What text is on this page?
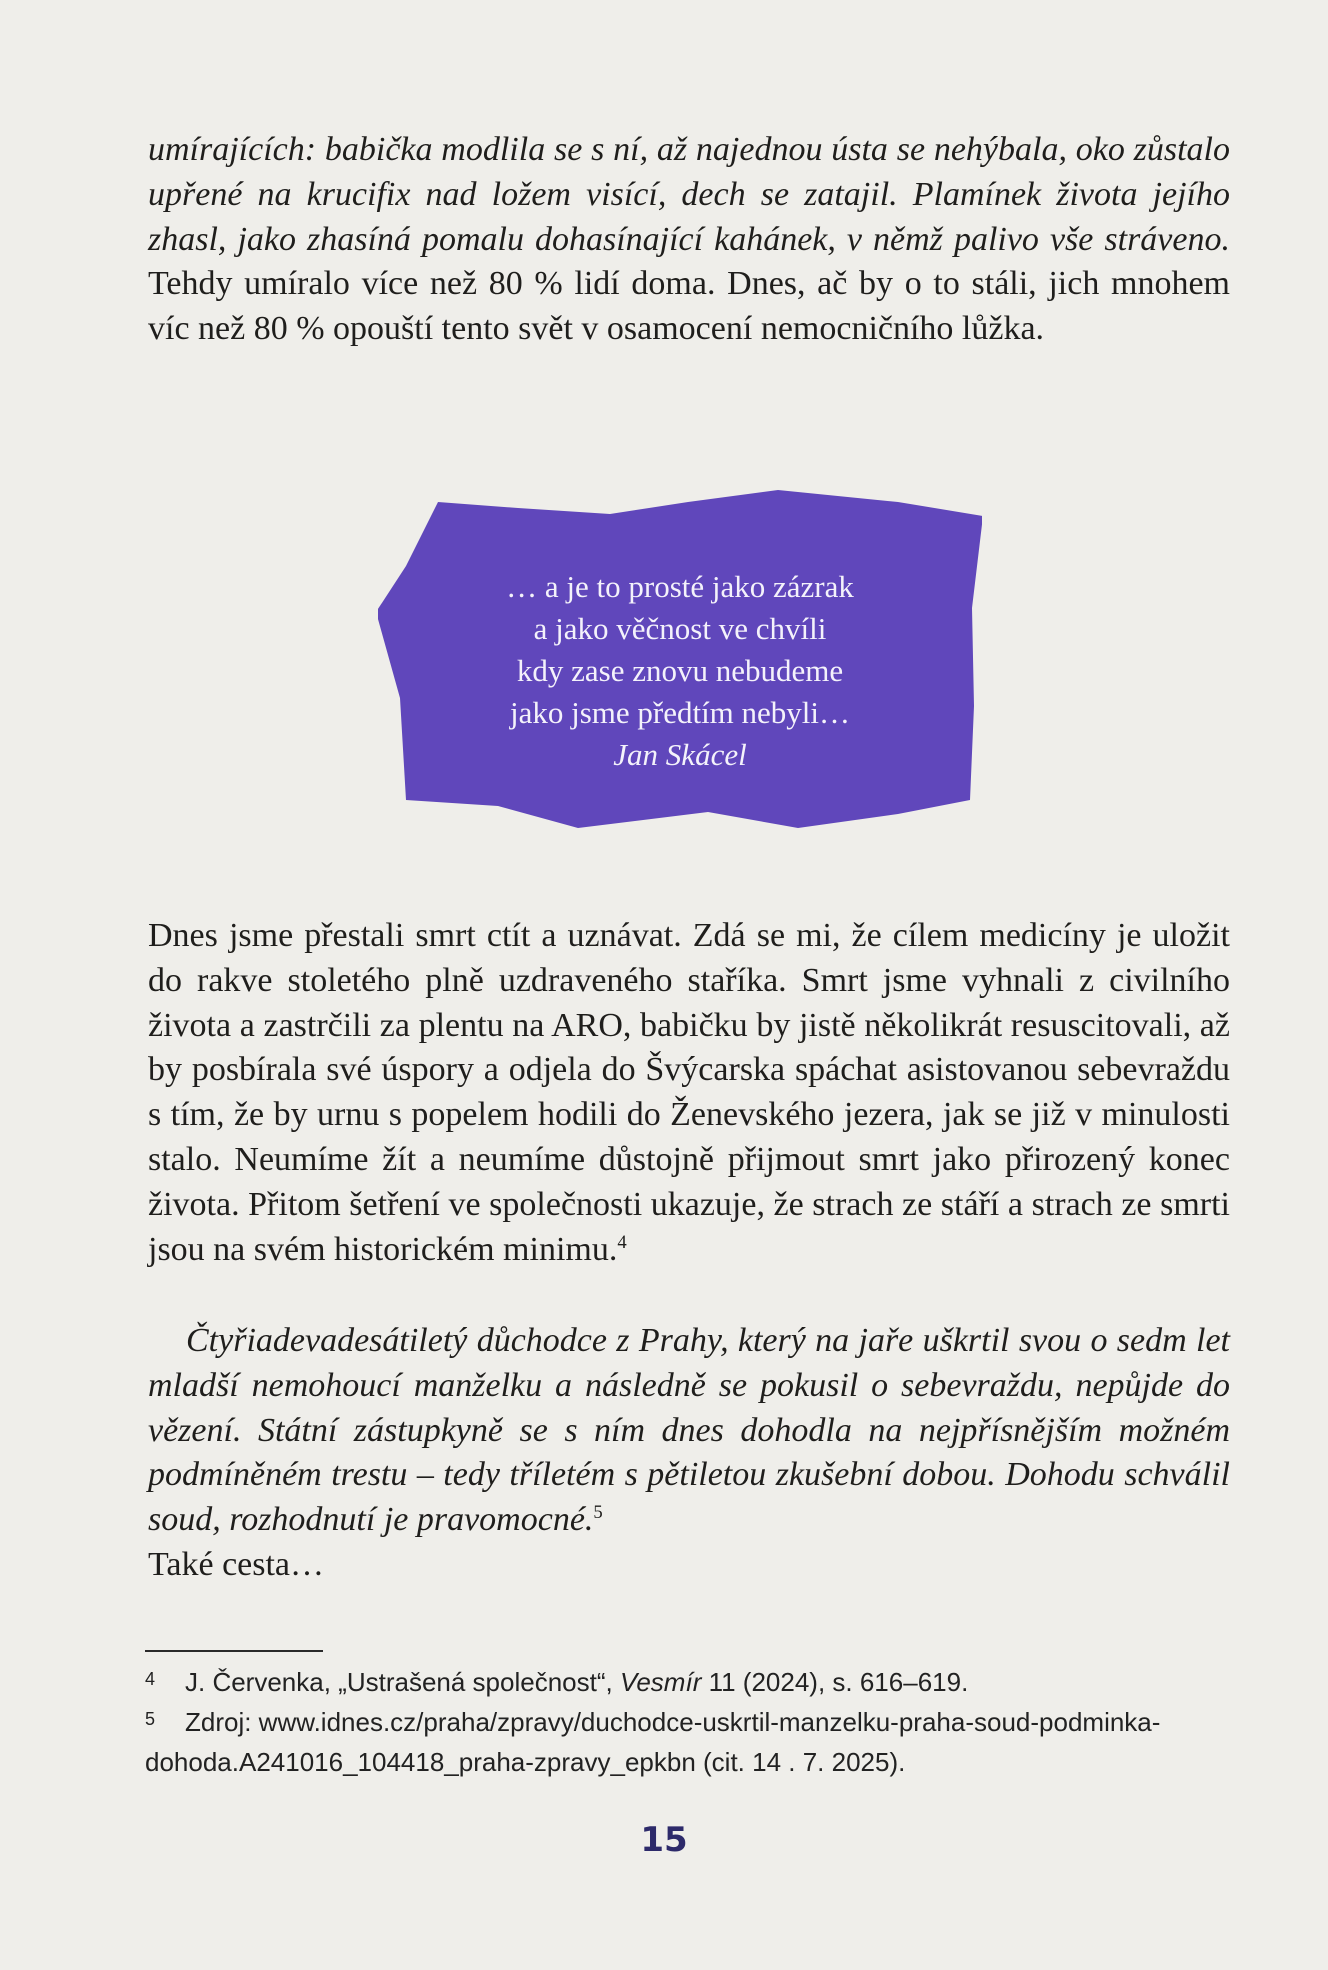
umírajících: babička modlila se s ní, až najednou ústa se nehýbala, oko zůstalo upřené na krucifix nad ložem visící, dech se zatajil. Plamínek života jejího zhasl, jako zhasíná pomalu dohasínající kahánek, v němž palivo vše stráveno. Tehdy umíralo více než 80 % lidí doma. Dnes, ač by o to stáli, jich mnohem víc než 80 % opouští tento svět v osamocení nemocničního lůžka.

… a je to prosté jako zázrak
a jako věčnost ve chvíli
kdy zase znovu nebudeme
jako jsme předtím nebyli…
Jan Skácel

Dnes jsme přestali smrt ctít a uznávat. Zdá se mi, že cílem medicíny je uložit do rakve stoletého plně uzdraveného staříka. Smrt jsme vyhnali z civilního života a zastrčili za plentu na ARO, babičku by jistě několikrát resuscitovali, až by posbírala své úspory a odjela do Švýcarska spáchat asistovanou sebevraždu s tím, že by urnu s popelem hodili do Ženevského jezera, jak se již v minulosti stalo. Neumíme žít a neumíme důstojně přijmout smrt jako přirozený konec života. Přitom šetření ve společnosti ukazuje, že strach ze stáří a strach ze smrti jsou na svém historickém minimu.$^4$

Čtyřiadevadesátiletý důchodce z Prahy, který na jaře uškrtil svou o sedm let mladší nemohoucí manželku a následně se pokusil o sebevraždu, nepůjde do vězení. Státní zástupkyně se s ním dnes dohodla na nejpřísnějším možném podmíněném trestu – tedy tříletém s pětiletou zkušební dobou. Dohodu schválil soud, rozhodnutí je pravomocné.$^5$
Také cesta…

4 J. Červenka, „Ustrašená společnost“, Vesmír 11 (2024), s. 616–619.
5 Zdroj: www.idnes.cz/praha/zpravy/duchodce-uskrtil-manzelku-praha-soud-podminka-dohoda.A241016_104418_praha-zpravy_epkbn (cit. 14 . 7. 2025).
15
